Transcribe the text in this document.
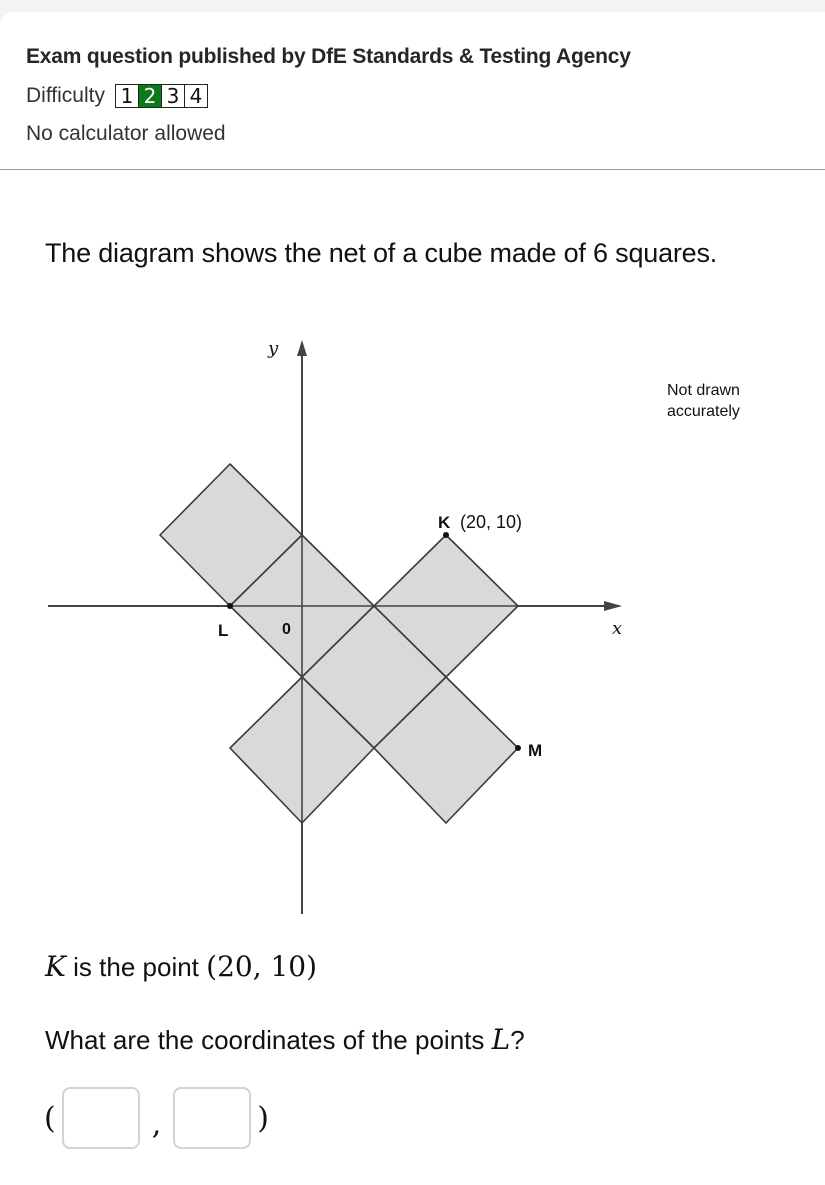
Exam question published by DfE Standards & Testing Agency
Difficulty 1 2 3 4
No calculator allowed
The diagram shows the net of a cube made of 6 squares.
y
x
0
K (20, 10)
L
M
Not drawn
accurately
K is the point (20, 10)
What are the coordinates of the points L?
(	,	)
